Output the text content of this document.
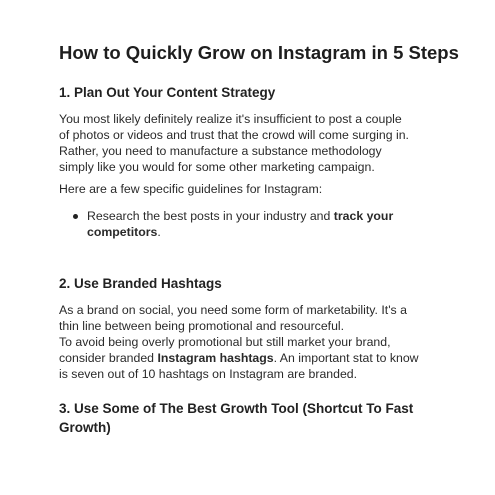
How to Quickly Grow on Instagram in 5 Steps
1. Plan Out Your Content Strategy

You most likely definitely realize it's insufficient to post a couple
of photos or videos and trust that the crowd will come surging in.
Rather, you need to manufacture a substance methodology
simply like you would for some other marketing campaign.

Here are a few specific guidelines for Instagram:

Research the best posts in your industry and track your
competitors.

2. Use Branded Hashtags

As a brand on social, you need some form of marketability. It's a
thin line between being promotional and resourceful.
To avoid being overly promotional but still market your brand,
consider branded Instagram hashtags. An important stat to know
is seven out of 10 hashtags on Instagram are branded.

3. Use Some of The Best Growth Tool (Shortcut To Fast
Growth)
